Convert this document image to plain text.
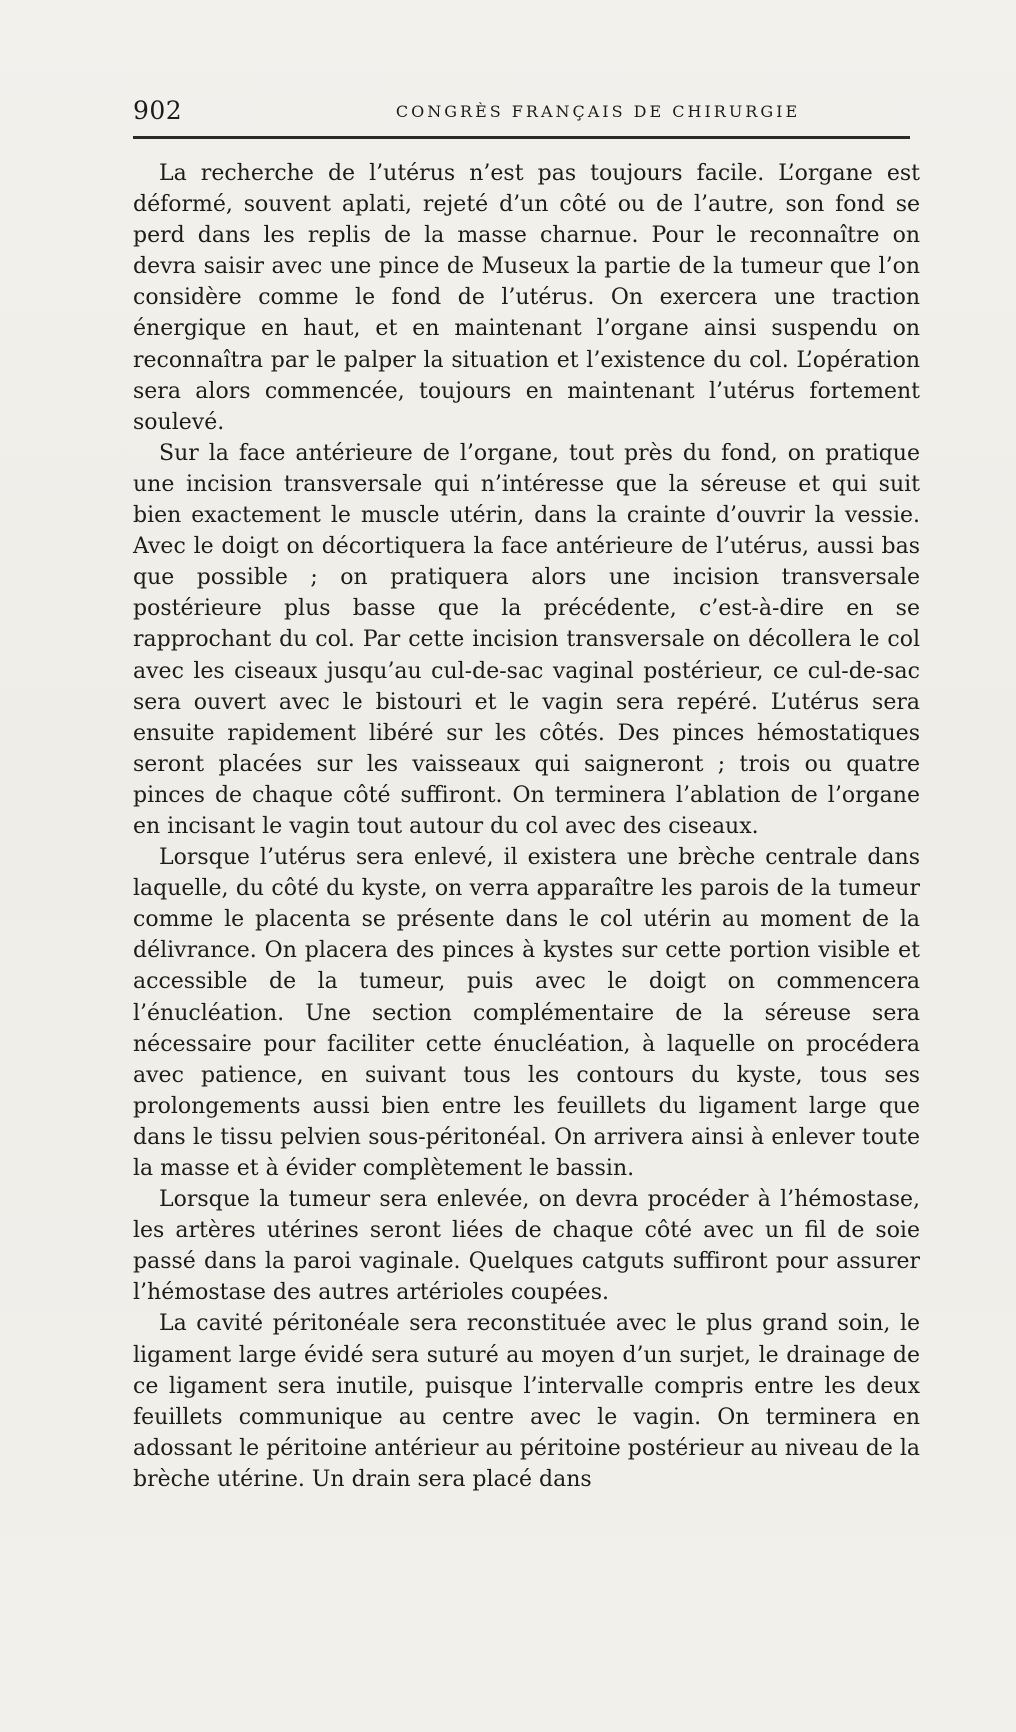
902	CONGRÈS FRANÇAIS DE CHIRURGIE

La recherche de l’utérus n’est pas toujours facile. L’organe est déformé, souvent aplati, rejeté d’un côté ou de l’autre, son fond se perd dans les replis de la masse charnue. Pour le reconnaître on devra saisir avec une pince de Museux la partie de la tumeur que l’on considère comme le fond de l’utérus. On exercera une traction énergique en haut, et en maintenant l’organe ainsi suspendu on reconnaîtra par le palper la situation et l’existence du col. L’opération sera alors commencée, toujours en maintenant l’utérus fortement soulevé.

Sur la face antérieure de l’organe, tout près du fond, on pratique une incision transversale qui n’intéresse que la séreuse et qui suit bien exactement le muscle utérin, dans la crainte d’ouvrir la vessie. Avec le doigt on décortiquera la face antérieure de l’utérus, aussi bas que possible ; on pratiquera alors une incision transversale postérieure plus basse que la précédente, c’est-à-dire en se rapprochant du col. Par cette incision transversale on décollera le col avec les ciseaux jusqu’au cul-de-sac vaginal postérieur, ce cul-de-sac sera ouvert avec le bistouri et le vagin sera repéré. L’utérus sera ensuite rapidement libéré sur les côtés. Des pinces hémostatiques seront placées sur les vaisseaux qui saigneront ; trois ou quatre pinces de chaque côté suffiront. On terminera l’ablation de l’organe en incisant le vagin tout autour du col avec des ciseaux.

Lorsque l’utérus sera enlevé, il existera une brèche centrale dans laquelle, du côté du kyste, on verra apparaître les parois de la tumeur comme le placenta se présente dans le col utérin au moment de la délivrance. On placera des pinces à kystes sur cette portion visible et accessible de la tumeur, puis avec le doigt on commencera l’énucléation. Une section complémentaire de la séreuse sera nécessaire pour faciliter cette énucléation, à laquelle on procédera avec patience, en suivant tous les contours du kyste, tous ses prolongements aussi bien entre les feuillets du ligament large que dans le tissu pelvien sous-péritonéal. On arrivera ainsi à enlever toute la masse et à évider complètement le bassin.

Lorsque la tumeur sera enlevée, on devra procéder à l’hémostase, les artères utérines seront liées de chaque côté avec un fil de soie passé dans la paroi vaginale. Quelques catguts suffiront pour assurer l’hémostase des autres artérioles coupées.

La cavité péritonéale sera reconstituée avec le plus grand soin, le ligament large évidé sera suturé au moyen d’un surjet, le drainage de ce ligament sera inutile, puisque l’intervalle compris entre les deux feuillets communique au centre avec le vagin. On terminera en adossant le péritoine antérieur au péritoine postérieur au niveau de la brèche utérine. Un drain sera placé dans
